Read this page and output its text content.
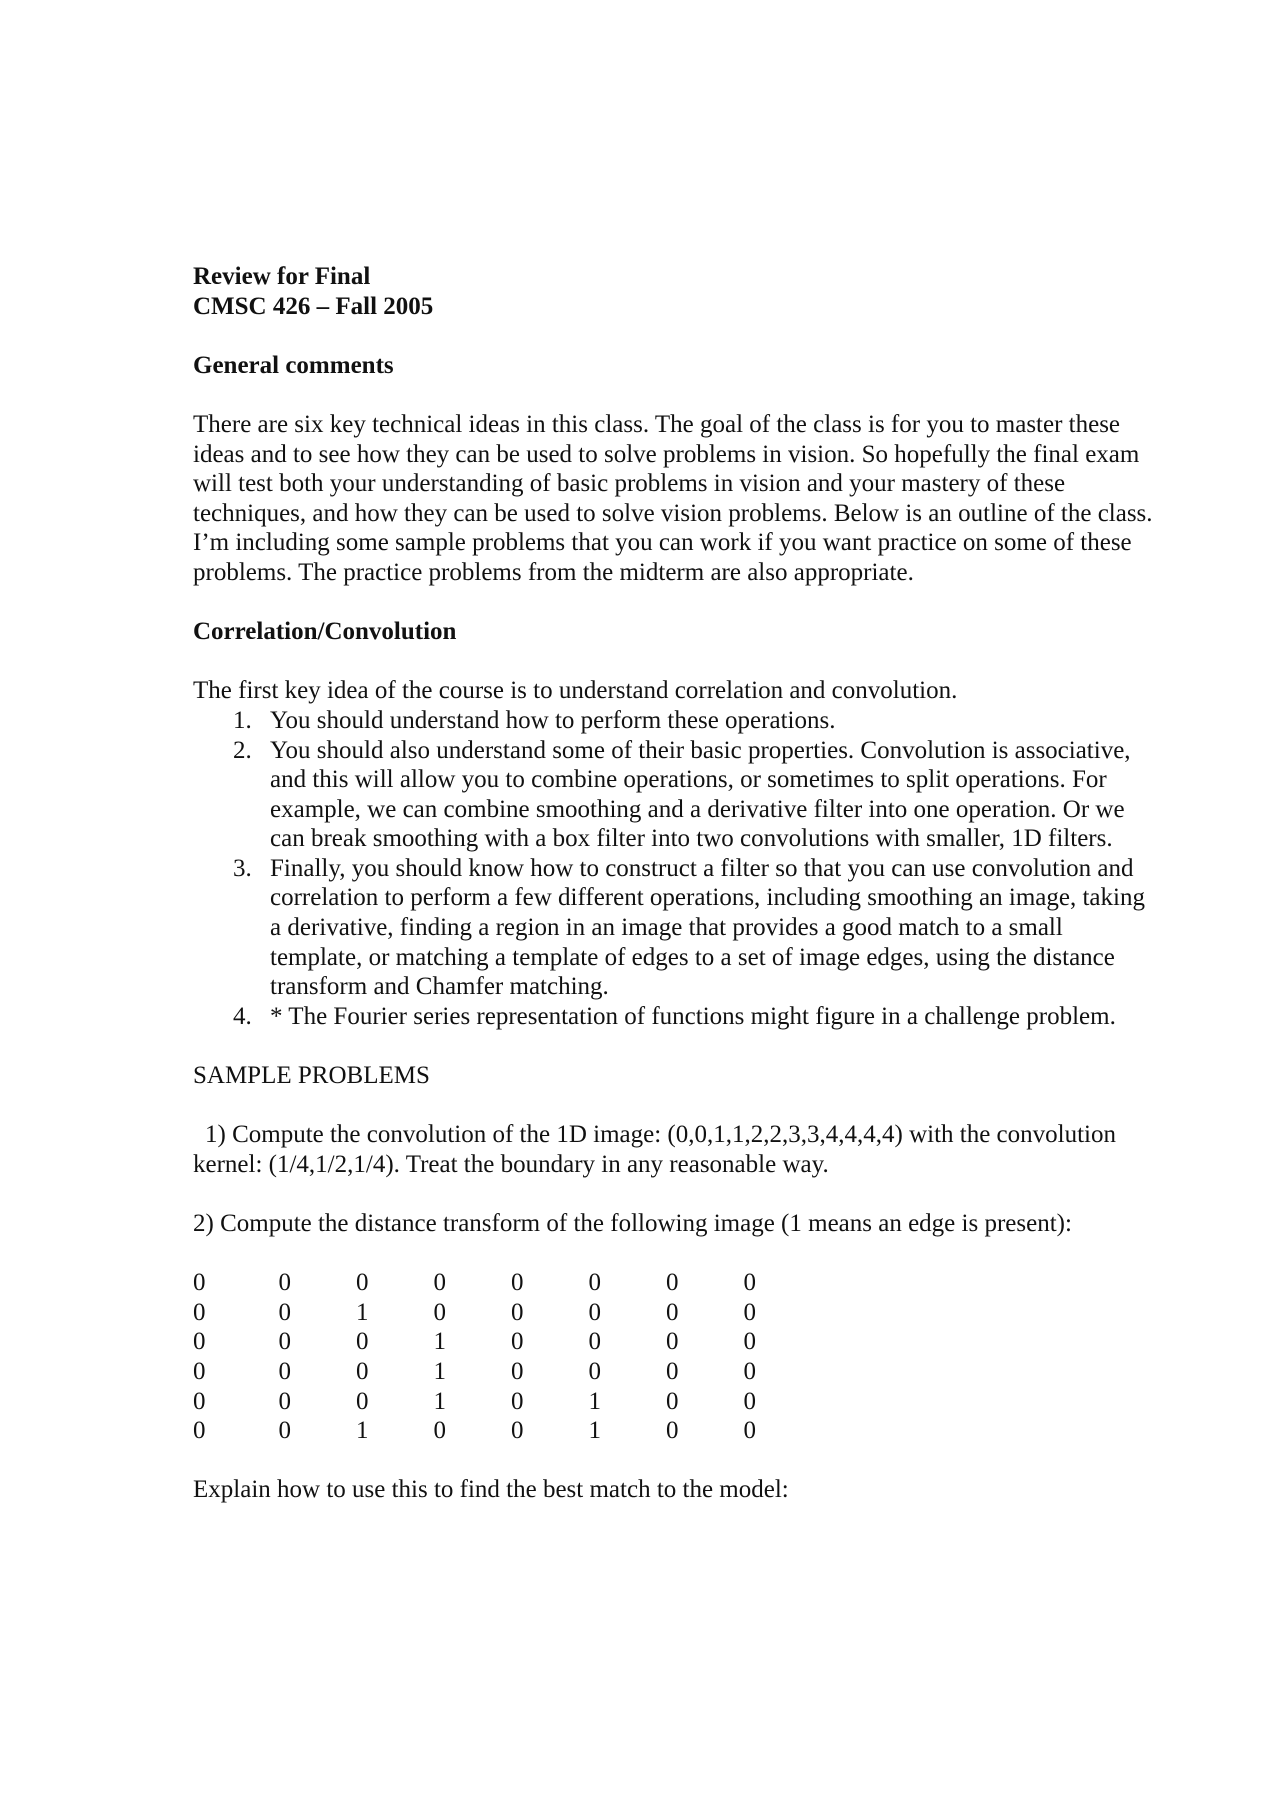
Review for Final

CMSC 426 – Fall 2005

General comments

There are six key technical ideas in this class. The goal of the class is for you to master these ideas and to see how they can be used to solve problems in vision. So hopefully the final exam will test both your understanding of basic problems in vision and your mastery of these techniques, and how they can be used to solve vision problems. Below is an outline of the class. I’m including some sample problems that you can work if you want practice on some of these problems. The practice problems from the midterm are also appropriate.

Correlation/Convolution

The first key idea of the course is to understand correlation and convolution.

1. You should understand how to perform these operations.
2. You should also understand some of their basic properties. Convolution is associative, and this will allow you to combine operations, or sometimes to split operations. For example, we can combine smoothing and a derivative filter into one operation. Or we can break smoothing with a box filter into two convolutions with smaller, 1D filters.
3. Finally, you should know how to construct a filter so that you can use convolution and correlation to perform a few different operations, including smoothing an image, taking a derivative, finding a region in an image that provides a good match to a small template, or matching a template of edges to a set of image edges, using the distance transform and Chamfer matching.
4. * The Fourier series representation of functions might figure in a challenge problem.

SAMPLE PROBLEMS

1) Compute the convolution of the 1D image: (0,0,1,1,2,2,3,3,4,4,4,4) with the convolution kernel: (1/4,1/2,1/4). Treat the boundary in any reasonable way.

2) Compute the distance transform of the following image (1 means an edge is present):

0	0	0	0	0	0	0	0
0	0	1	0	0	0	0	0
0	0	0	1	0	0	0	0
0	0	0	1	0	0	0	0
0	0	0	1	0	1	0	0
0	0	1	0	0	1	0	0

Explain how to use this to find the best match to the model:
